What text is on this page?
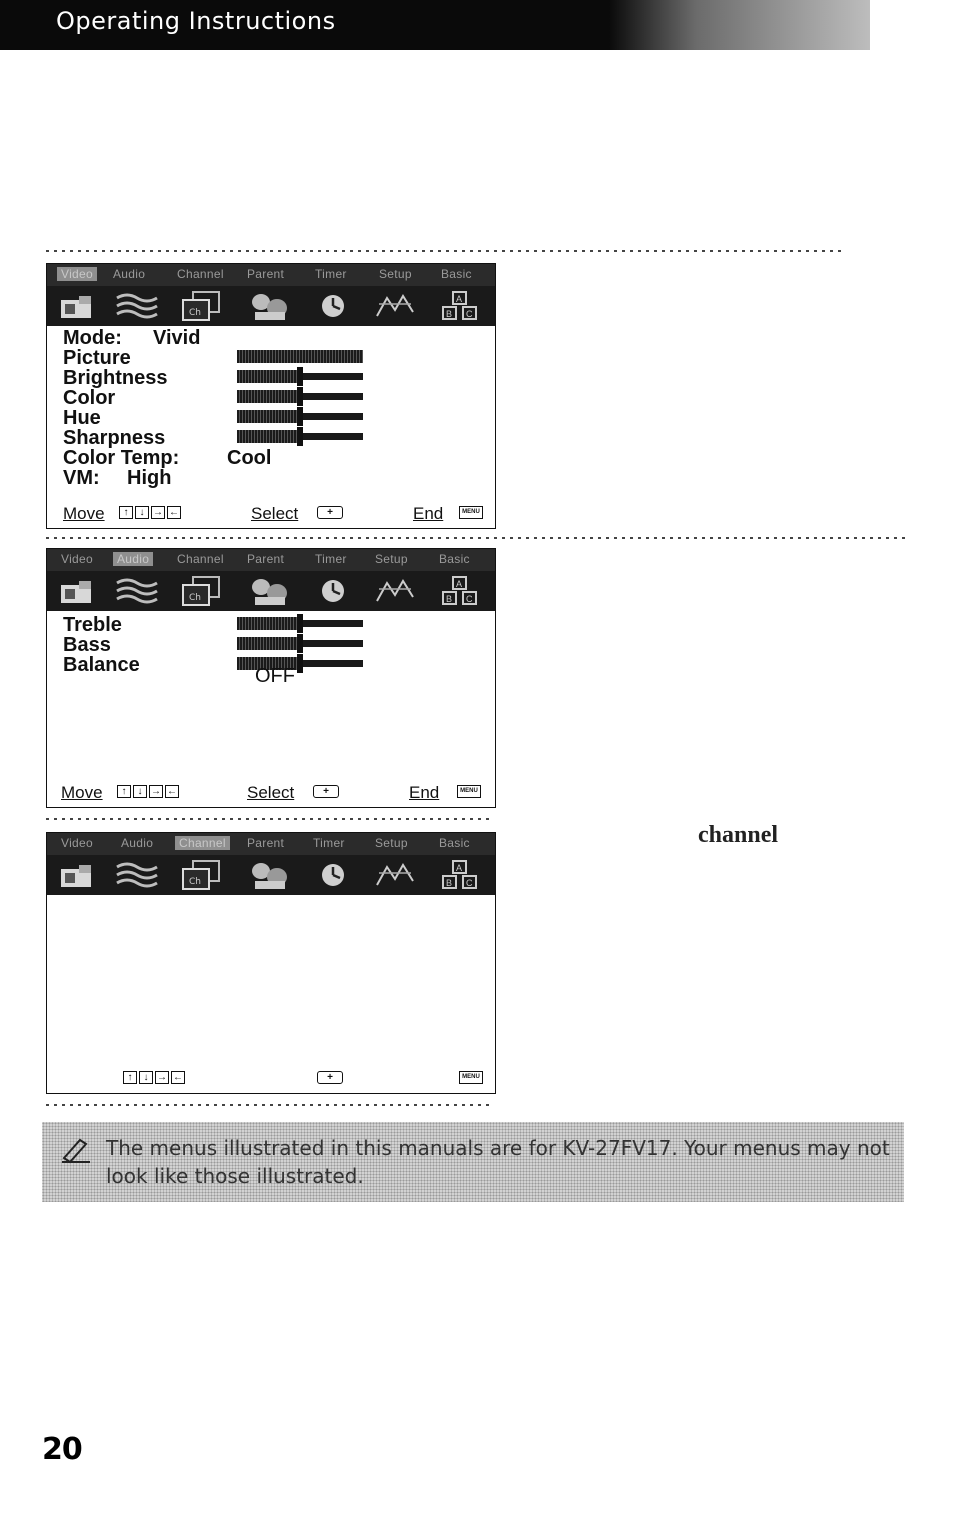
Operating Instructions
Video	Audio	Channel Parent	Timer	Setup Basic
Ch
A
B C
Mode: Vivid
Picture
Brightness
Color
Hue
Sharpness
Color Temp: Cool
VM: High
Move	↑	↓ → ←	Select	+	End	MENU
Video	Audio	Channel Parent	Timer Setup	Basic
Ch
A
B C
Treble
Bass
Balance	OFF
Move	↑	↓ → ←	Select	+	End	MENU
channel
Video Audio	Channel	Parent Timer	Setup	Basic
Ch
A
B C
↑	↓ → ←	+	MENU
The menus illustrated in this manuals are for KV-27FV17. Your menus may not look like those illustrated.
20
